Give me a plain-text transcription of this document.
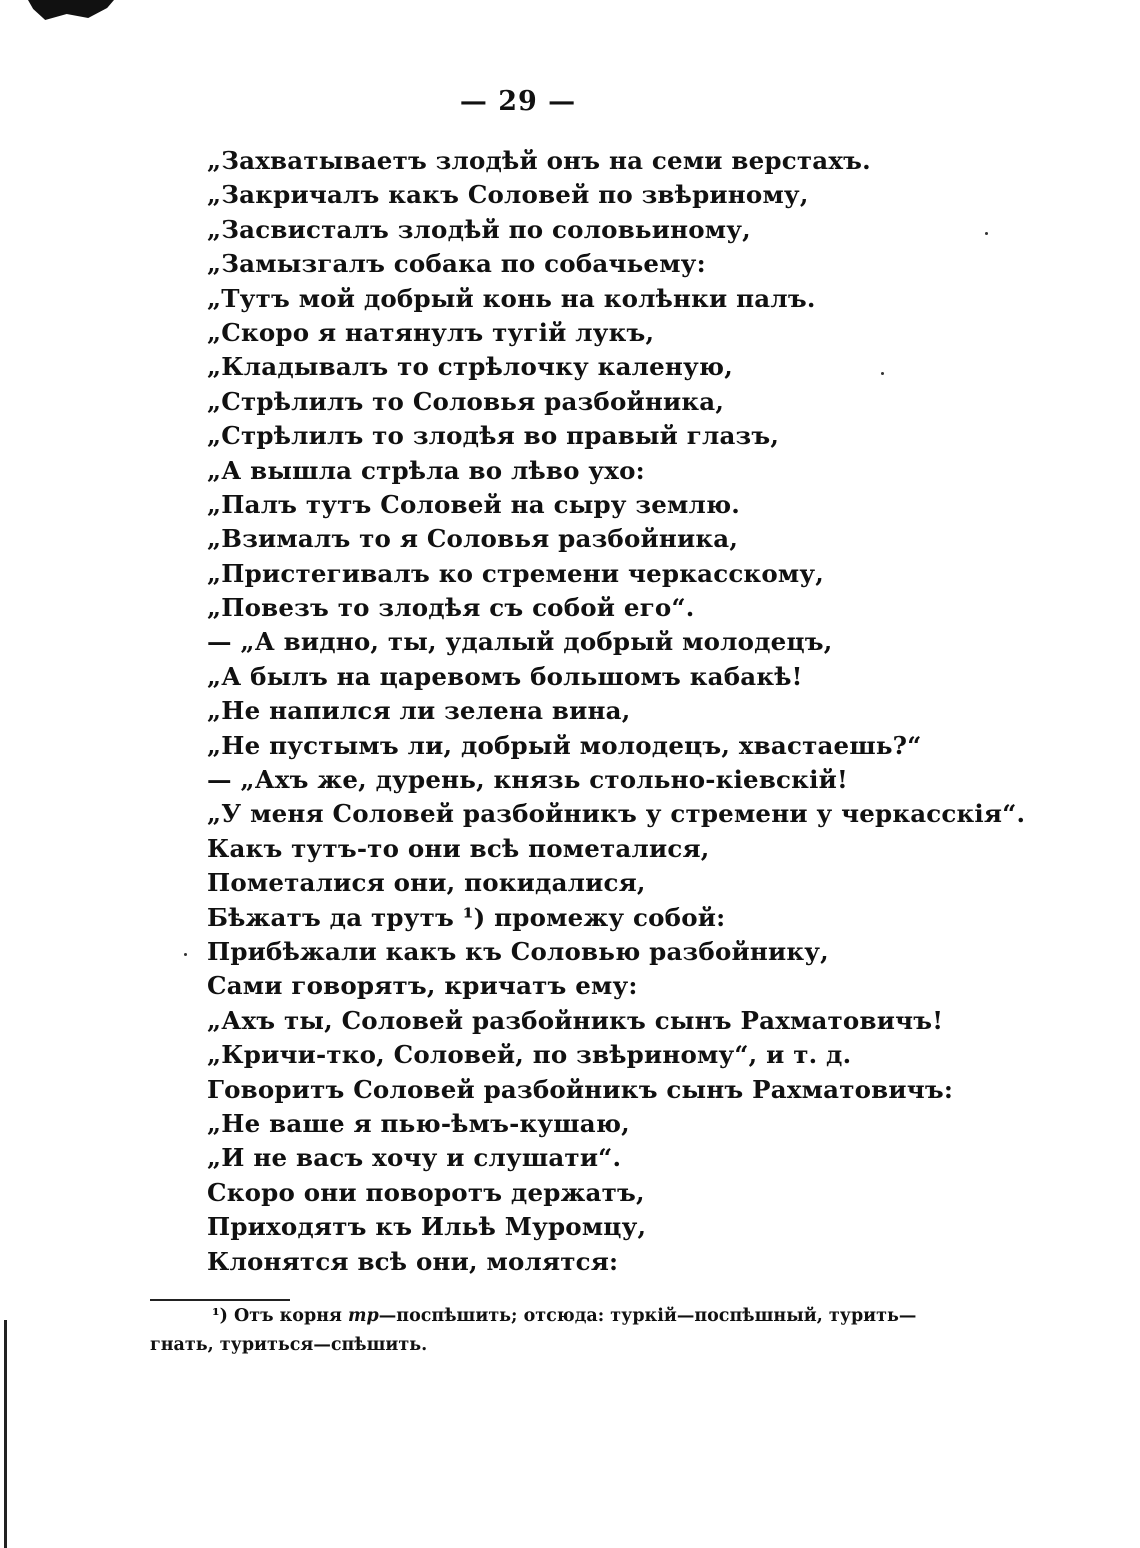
— 29 —
„Захватываетъ злодѣй онъ на семи верстахъ.
„Закричалъ какъ Соловей по звѣриному,
„Засвисталъ злодѣй по соловьиному,
„Замызгалъ собака по собачьему:
„Тутъ мой добрый конь на колѣнки палъ.
„Скоро я натянулъ тугій лукъ,
„Кладывалъ то стрѣлочку каленую,
„Стрѣлилъ то Соловья разбойника,
„Стрѣлилъ то злодѣя во правый глазъ,
„А вышла стрѣла во лѣво ухо:
„Палъ тутъ Соловей на сыру землю.
„Взималъ то я Соловья разбойника,
„Пристегивалъ ко стремени черкасскому,
„Повезъ то злодѣя съ собой его“.
— „А видно, ты, удалый добрый молодецъ,
„А былъ на царевомъ большомъ кабакѣ!
„Не напился ли зелена вина,
„Не пустымъ ли, добрый молодецъ, хвастаешь?“
— „Ахъ же, дурень, князь стольно-кіевскій!
„У меня Соловей разбойникъ у стремени у черкасскія“.
Какъ тутъ-то они всѣ пометалися,
Пометалися они, покидалися,
Бѣжатъ да трутъ ¹) промежу собой:
Прибѣжали какъ къ Соловью разбойнику,
Сами говорятъ, кричатъ ему:
„Ахъ ты, Соловей разбойникъ сынъ Рахматовичъ!
„Кричи-тко, Соловей, по звѣриному“, и т. д.
Говоритъ Соловей разбойникъ сынъ Рахматовичъ:
„Не ваше я пью-ѣмъ-кушаю,
„И не васъ хочу и слушати“.
Скоро они поворотъ держатъ,
Приходятъ къ Ильѣ Муромцу,
Клонятся всѣ они, молятся:
¹) Отъ корня тр—поспѣшить; отсюда: туркій—поспѣшный, турить—
гнать, туриться—спѣшить.
